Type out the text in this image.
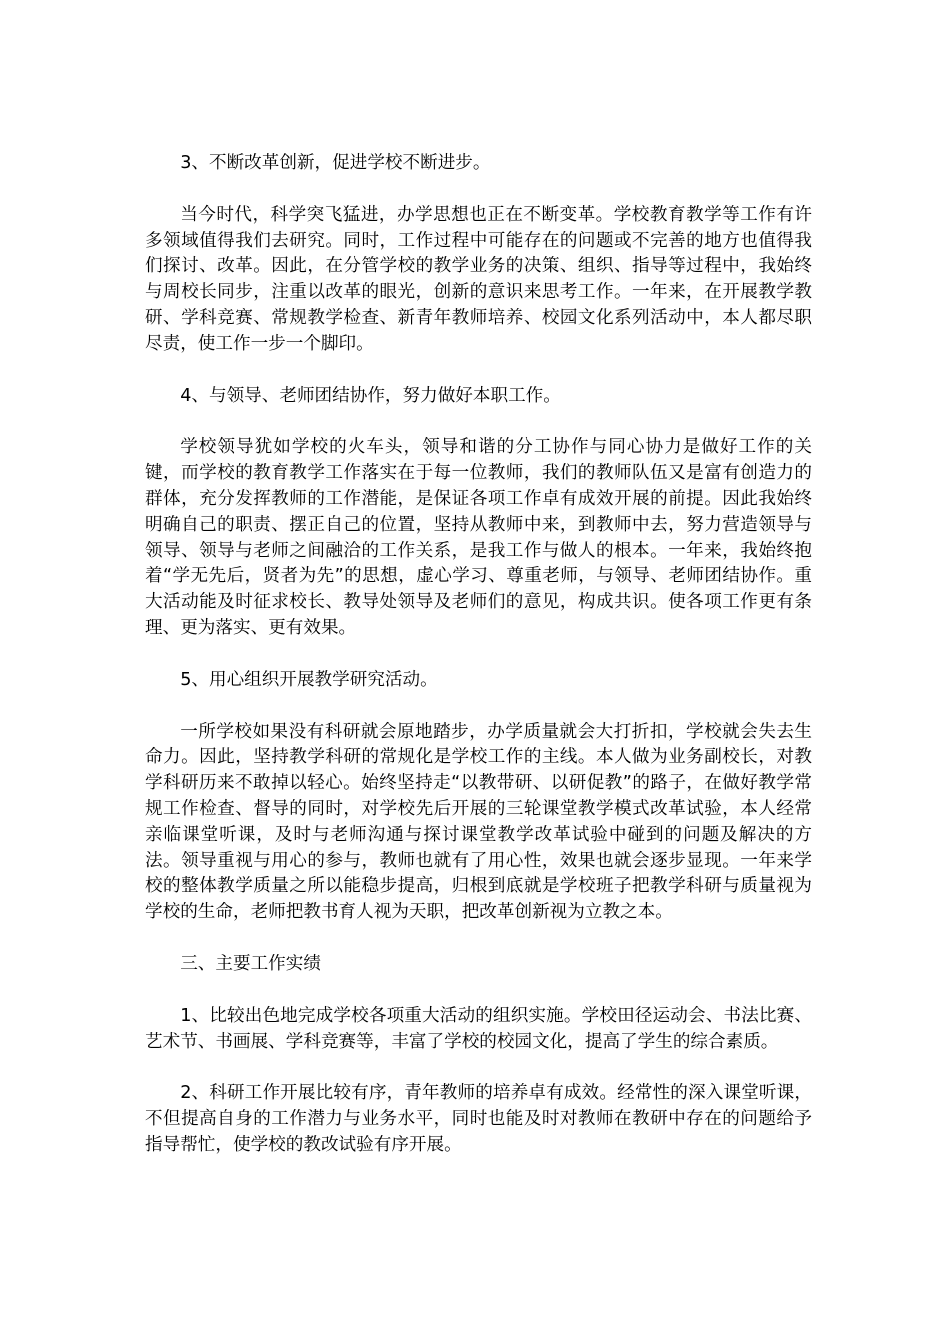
3、不断改革创新，促进学校不断进步。

当今时代，科学突飞猛进，办学思想也正在不断变革。学校教育教学等工作有许多领域值得我们去研究。同时，工作过程中可能存在的问题或不完善的地方也值得我们探讨、改革。因此，在分管学校的教学业务的决策、组织、指导等过程中，我始终与周校长同步，注重以改革的眼光，创新的意识来思考工作。一年来，在开展教学教研、学科竞赛、常规教学检查、新青年教师培养、校园文化系列活动中，本人都尽职尽责，使工作一步一个脚印。

4、与领导、老师团结协作，努力做好本职工作。

学校领导犹如学校的火车头，领导和谐的分工协作与同心协力是做好工作的关键，而学校的教育教学工作落实在于每一位教师，我们的教师队伍又是富有创造力的群体，充分发挥教师的工作潜能，是保证各项工作卓有成效开展的前提。因此我始终明确自己的职责、摆正自己的位置，坚持从教师中来，到教师中去，努力营造领导与领导、领导与老师之间融洽的工作关系，是我工作与做人的根本。一年来，我始终抱着“学无先后，贤者为先”的思想，虚心学习、尊重老师，与领导、老师团结协作。重大活动能及时征求校长、教导处领导及老师们的意见，构成共识。使各项工作更有条理、更为落实、更有效果。

5、用心组织开展教学研究活动。

一所学校如果没有科研就会原地踏步，办学质量就会大打折扣，学校就会失去生命力。因此，坚持教学科研的常规化是学校工作的主线。本人做为业务副校长，对教学科研历来不敢掉以轻心。始终坚持走“以教带研、以研促教”的路子，在做好教学常规工作检查、督导的同时，对学校先后开展的三轮课堂教学模式改革试验，本人经常亲临课堂听课，及时与老师沟通与探讨课堂教学改革试验中碰到的问题及解决的方法。领导重视与用心的参与，教师也就有了用心性，效果也就会逐步显现。一年来学校的整体教学质量之所以能稳步提高，归根到底就是学校班子把教学科研与质量视为学校的生命，老师把教书育人视为天职，把改革创新视为立教之本。

三、主要工作实绩

1、比较出色地完成学校各项重大活动的组织实施。学校田径运动会、书法比赛、艺术节、书画展、学科竞赛等，丰富了学校的校园文化，提高了学生的综合素质。

2、科研工作开展比较有序，青年教师的培养卓有成效。经常性的深入课堂听课，不但提高自身的工作潜力与业务水平，同时也能及时对教师在教研中存在的问题给予指导帮忙，使学校的教改试验有序开展。
